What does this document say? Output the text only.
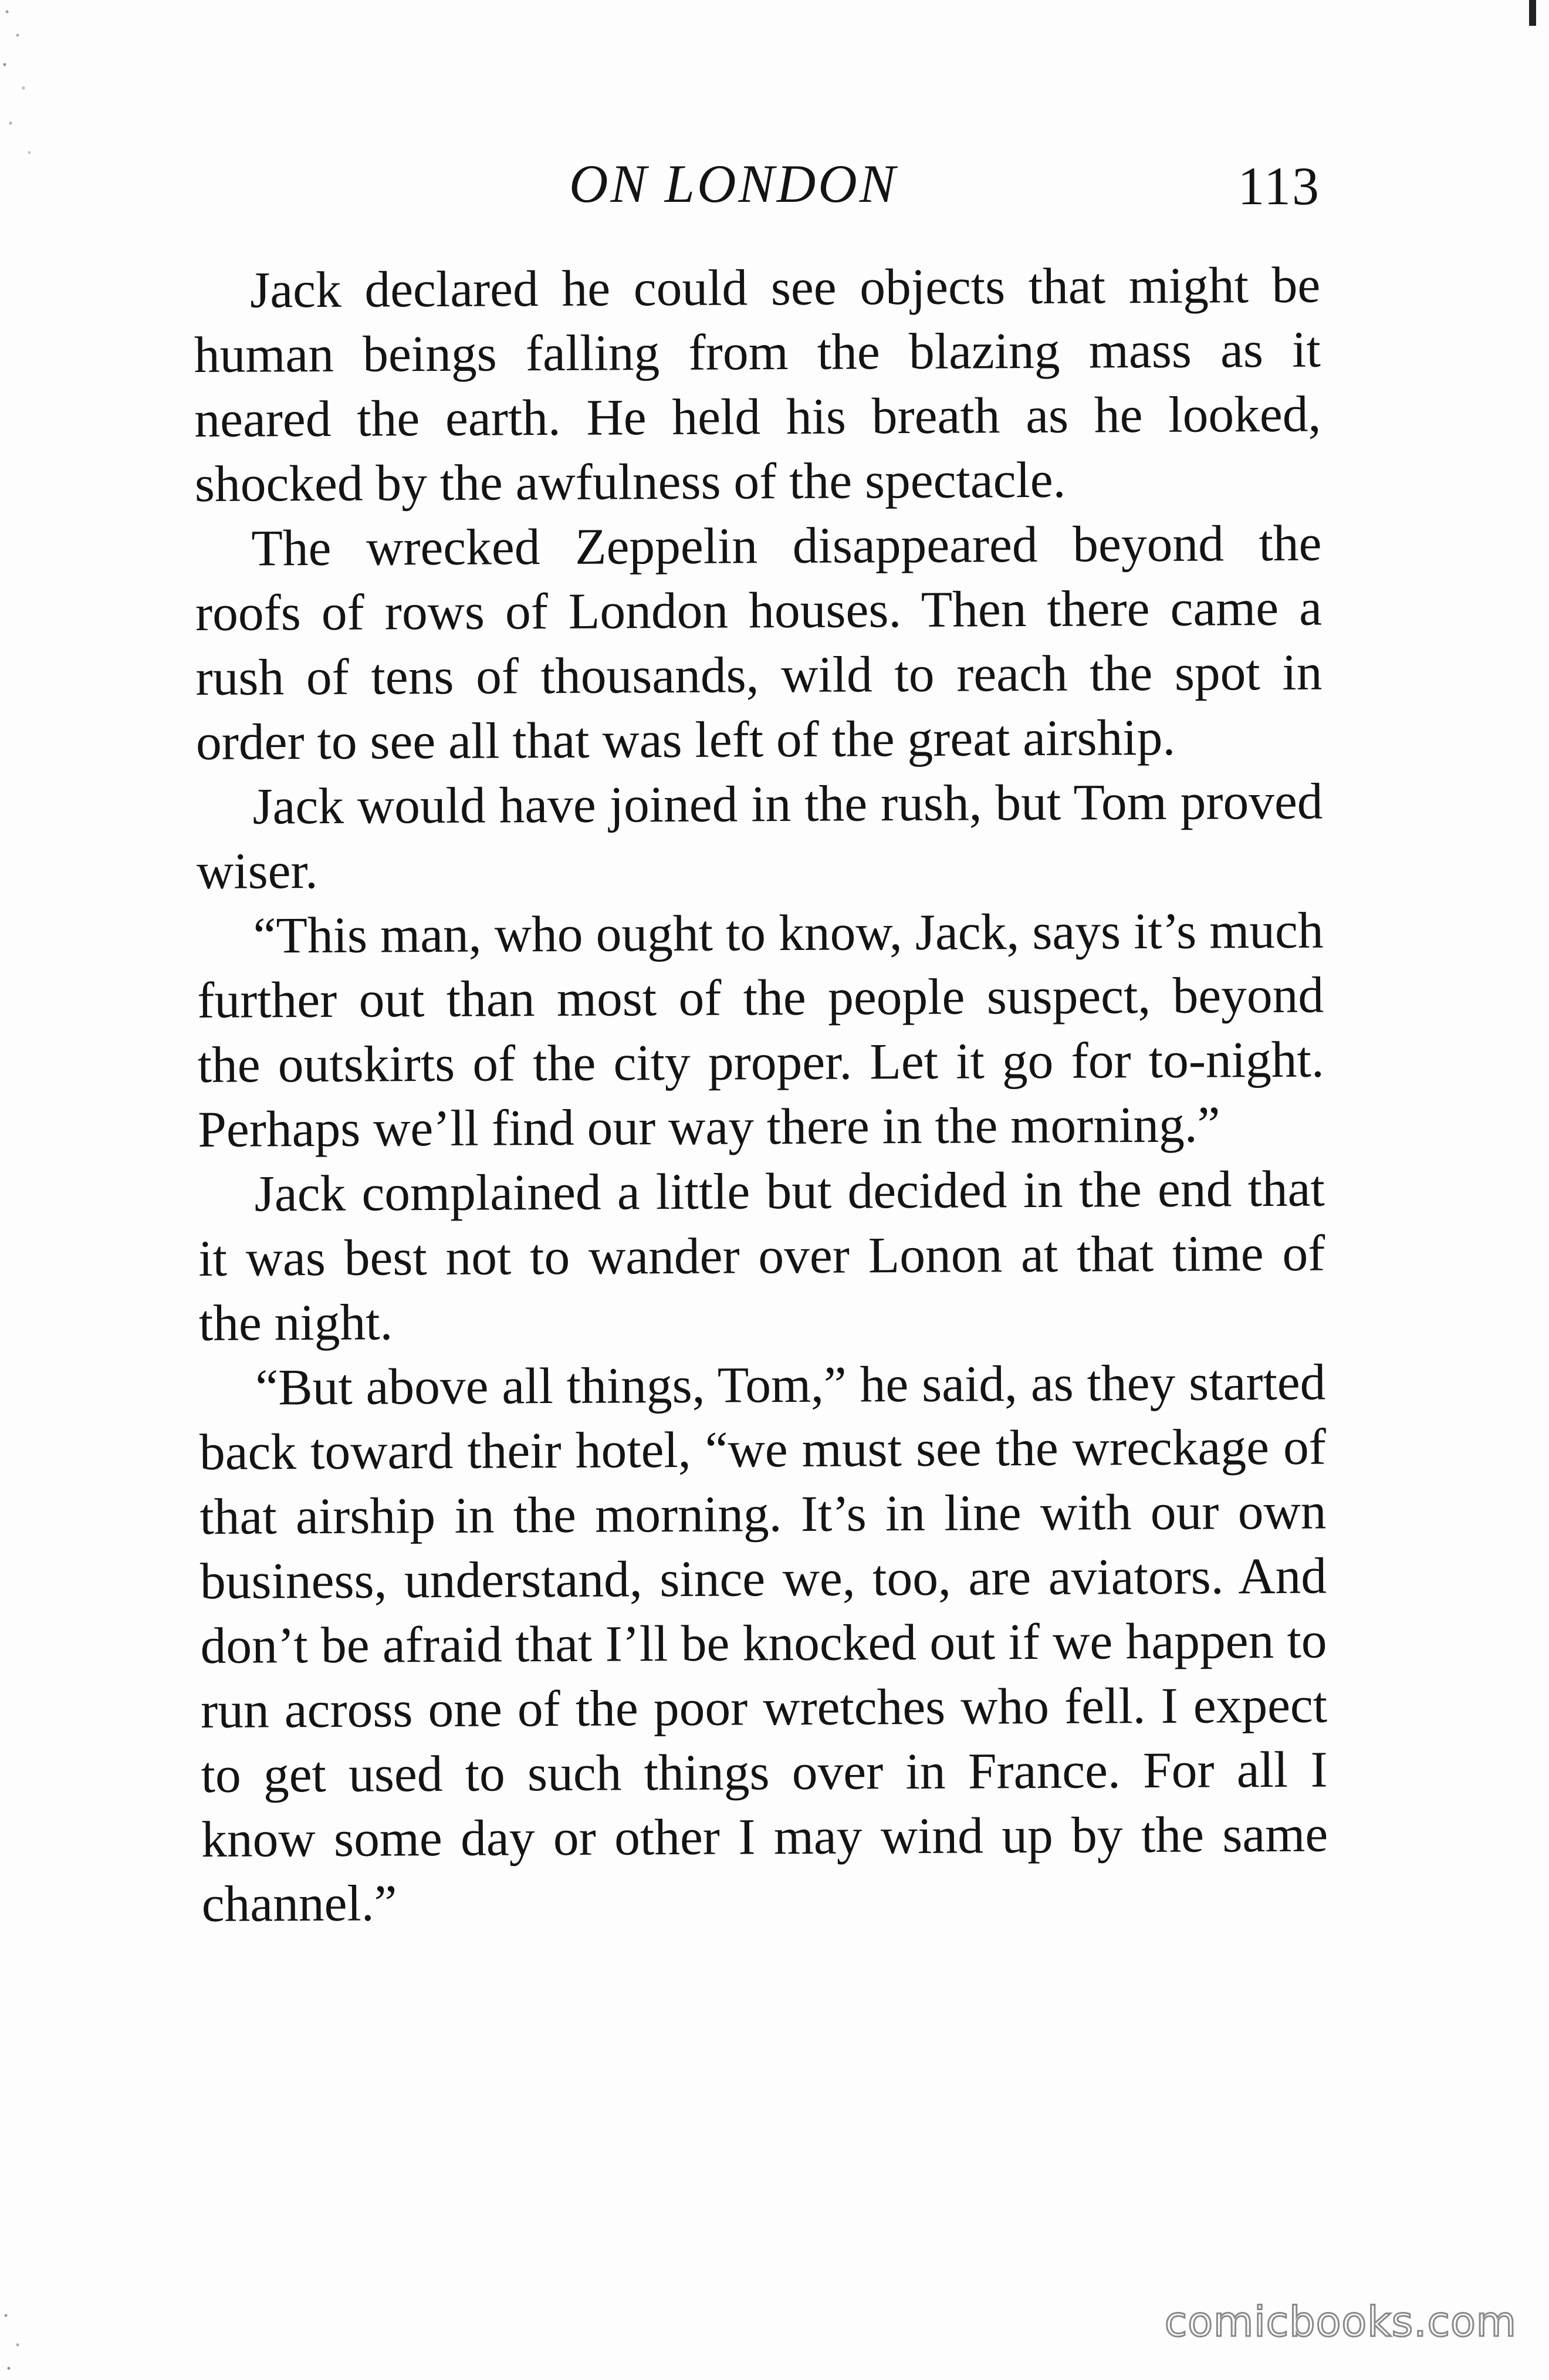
ON LONDON	113

Jack declared he could see objects that might be human beings falling from the blazing mass as it neared the earth. He held his breath as he looked, shocked by the awfulness of the spectacle.

The wrecked Zeppelin disappeared beyond the roofs of rows of London houses. Then there came a rush of tens of thousands, wild to reach the spot in order to see all that was left of the great airship.

Jack would have joined in the rush, but Tom proved wiser.

“This man, who ought to know, Jack, says it’s much further out than most of the people suspect, beyond the outskirts of the city proper. Let it go for to-night. Perhaps we’ll find our way there in the morning.”

Jack complained a little but decided in the end that it was best not to wander over Lonon at that time of the night.

“But above all things, Tom,” he said, as they started back toward their hotel, “we must see the wreckage of that airship in the morning. It’s in line with our own business, understand, since we, too, are aviators. And don’t be afraid that I’ll be knocked out if we happen to run across one of the poor wretches who fell. I expect to get used to such things over in France. For all I know some day or other I may wind up by the same channel.”

comicbooks.com
